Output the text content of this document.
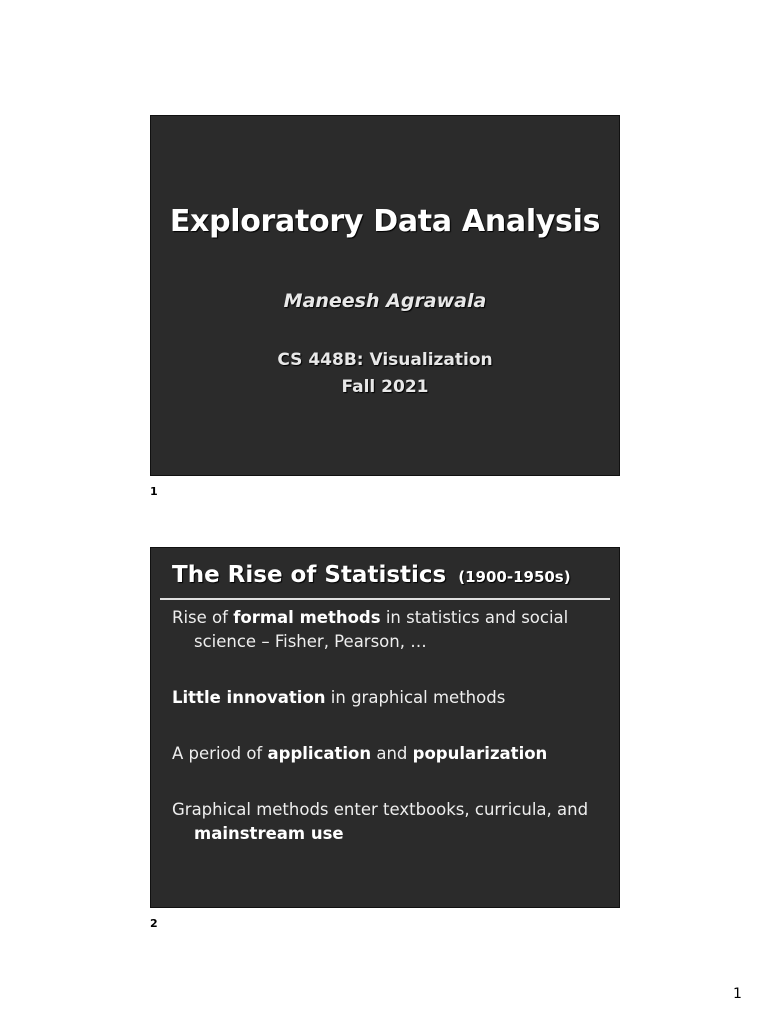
Exploratory Data Analysis
Maneesh Agrawala
CS 448B: Visualization
Fall 2021
1
The Rise of Statistics (1900-1950s)
Rise of formal methods in statistics and social science – Fisher, Pearson, …
Little innovation in graphical methods
A period of application and popularization
Graphical methods enter textbooks, curricula, and mainstream use
2
1
